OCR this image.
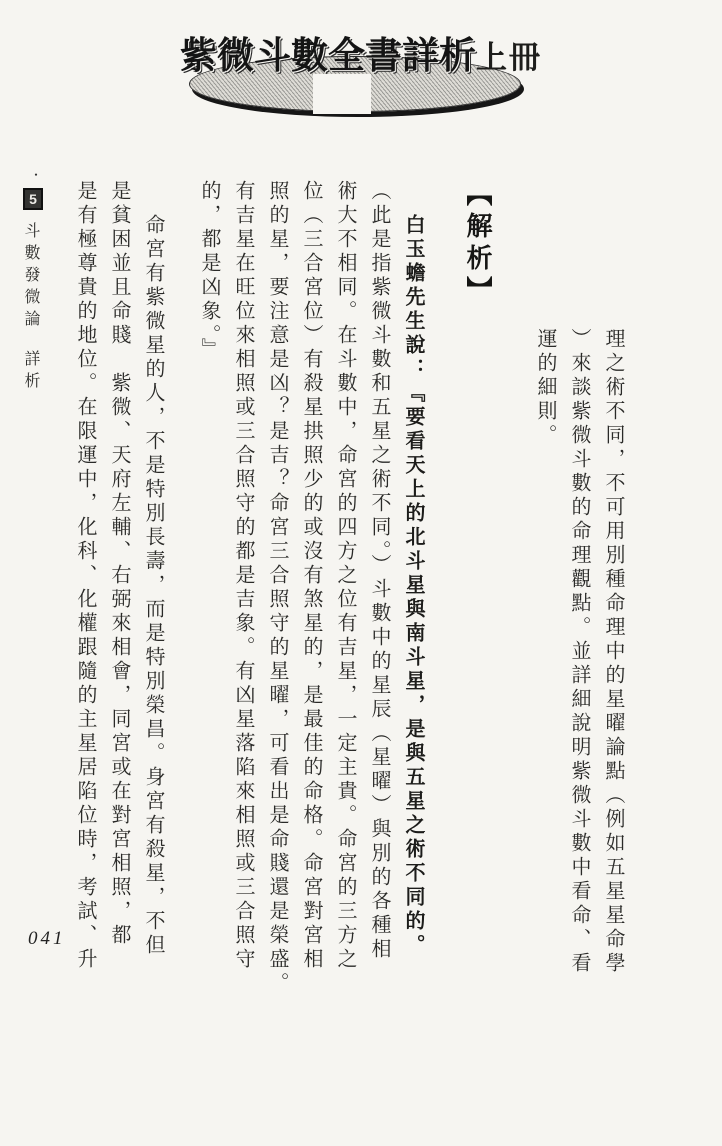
紫微斗數全書詳析上冊
・
5
斗數發微論
詳析	理之術不同，不可用別種命理中的星曜論點（例如五星星命學
）來談紫微斗數的命理觀點。並詳細說明紫微斗數中看命、看
運的細則。
【解析】
白玉蟾先生說：『要看天上的北斗星與南斗星，是與五星之術不同的。
（此是指紫微斗數和五星之術不同。）斗數中的星辰（星曜）與別的各種相
術大不相同。在斗數中，命宮的四方之位有吉星，一定主貴。命宮的三方之
位（三合宮位）有殺星拱照少的或沒有煞星的，是最佳的命格。命宮對宮相
照的星，要注意是凶？是吉？命宮三合照守的星曜，可看出是命賤還是榮盛。
有吉星在旺位來相照或三合照守的都是吉象。有凶星落陷來相照或三合照守
的，都是凶象。』
命宮有紫微星的人，不是特別長壽，而是特別榮昌。身宮有殺星，不但
是貧困並且命賤　紫微、天府左輔、右弼來相會，同宮或在對宮相照，都
是有極尊貴的地位。在限運中，化科、化權跟隨的主星居陷位時，考試、升
041
